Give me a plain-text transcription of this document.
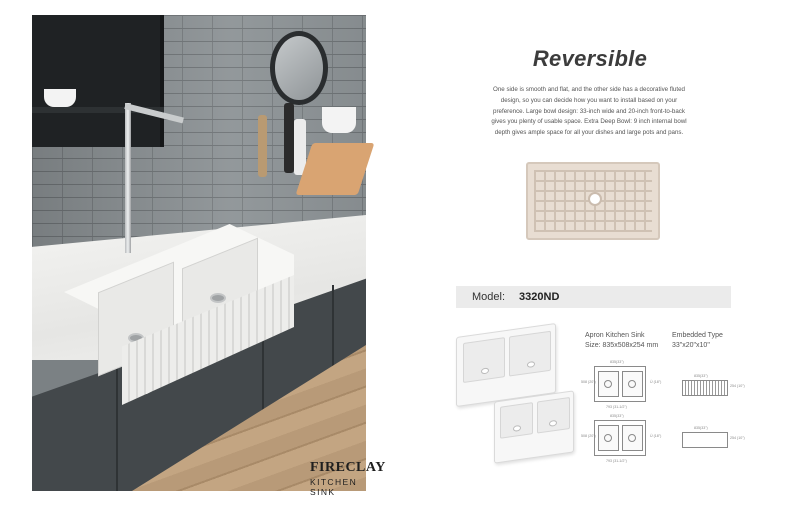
FIRECLAY
KITCHEN SINK
Reversible
One side is smooth and flat, and the other side has a decorative fluted design, so you can decide how you want to install based on your preference. Large bowl design: 33-inch wide and 20-inch front-to-back gives you plenty of usable space. Extra Deep Bowl: 9 inch internal bowl depth gives ample space for all your dishes and large pots and pans.
Model: 3320ND
Apron Kitchen Sink
Size: 835x508x254 mm
Embedded Type
33"x20"x10"
835(33")
508 (20")	Ù (18")
793 (31-1/2")
835(33")
254 (10")
835(33")
508 (20")	Ù (18")
793 (31-1/2")
835(33")
254 (10")
